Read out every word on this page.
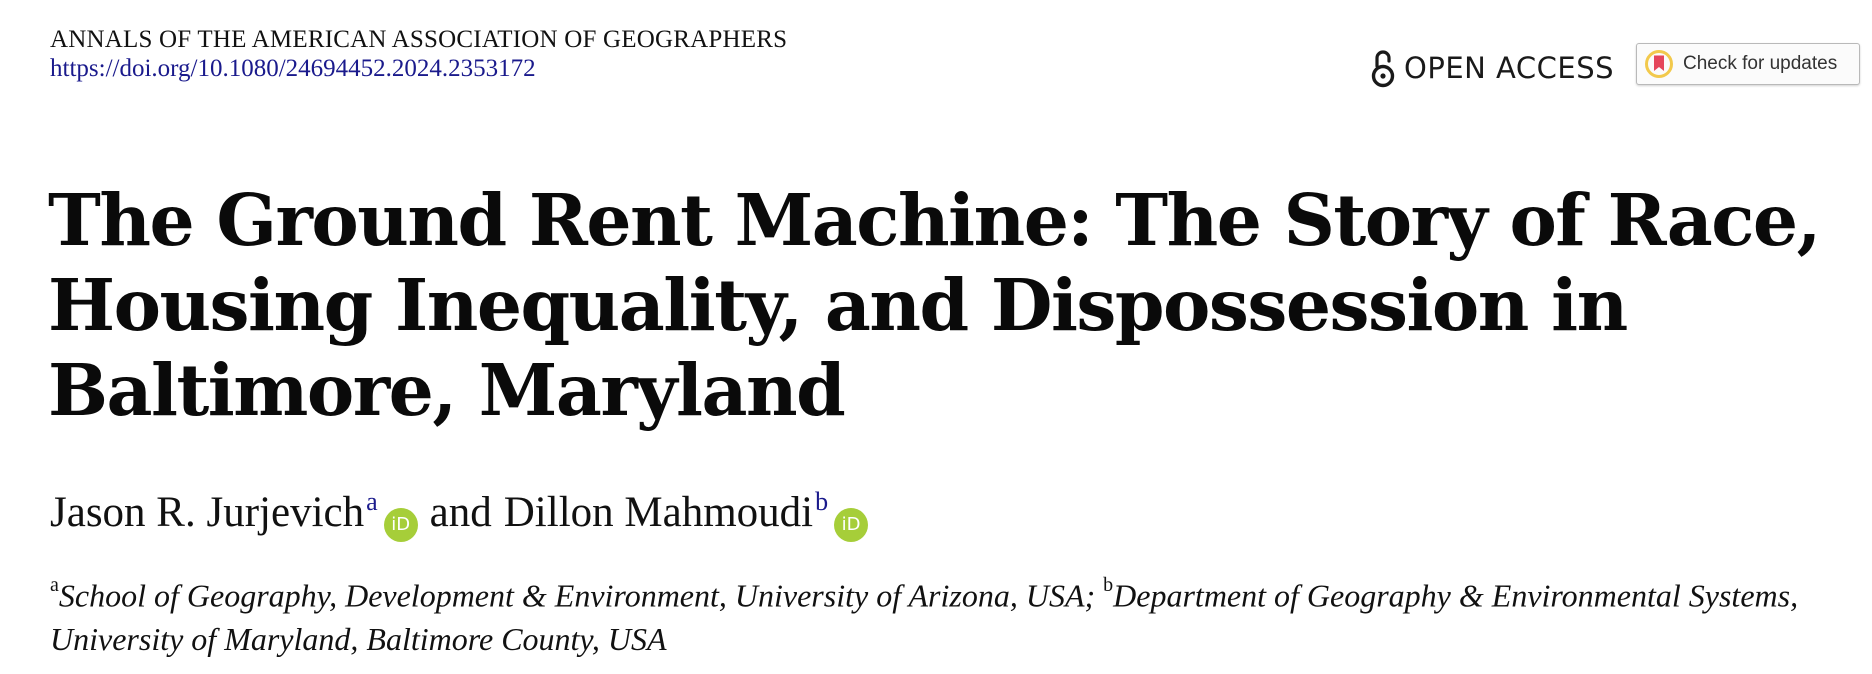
ANNALS OF THE AMERICAN ASSOCIATION OF GEOGRAPHERS
https://doi.org/10.1080/24694452.2024.2353172	OPEN ACCESS	Check for updates
The Ground Rent Machine: The Story of Race, Housing Inequality, and Dispossession in Baltimore, Maryland
Jason R. Jurjevich$^a$
iD and Dillon Mahmoudi$^b$
iD
$^a$School of Geography, Development & Environment, University of Arizona, USA; $^b$Department of Geography & Environmental Systems, University of Maryland, Baltimore County, USA
